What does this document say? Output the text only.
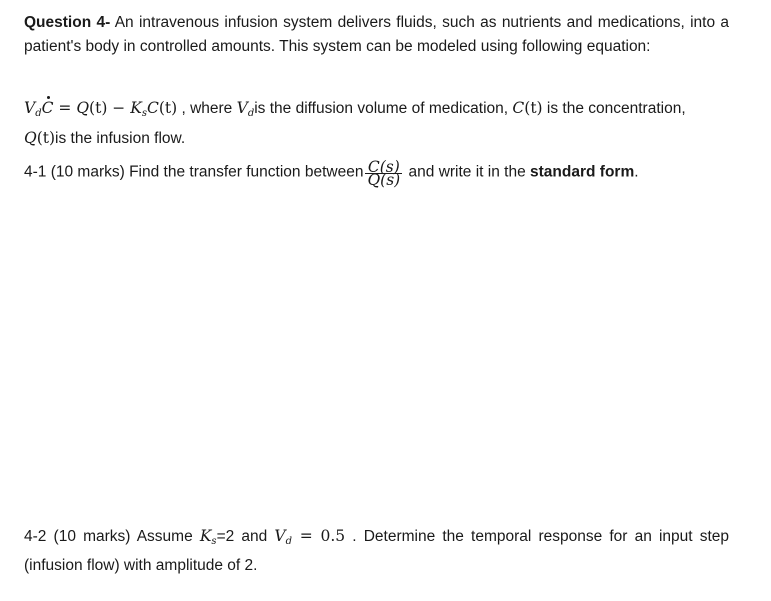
Question 4- An intravenous infusion system delivers fluids, such as nutrients and medications, into a patient's body in controlled amounts. This system can be modeled using following equation:
$V_dC = Q(t) - K_sC(t)$ , where $V_dis$ the diffusion volume of medication, C(t) is the concentration,
Q(t)is the infusion flow.
4-1 (10 marks) Find the transfer function between $\frac{C(s)}{Q(s)}$ and write it in the standard form.
4-2 (10 marks) Assume $K_s=2$ and $V_d = 0.5$ . Determine the temporal response for an input step (infusion flow) with amplitude of 2.
